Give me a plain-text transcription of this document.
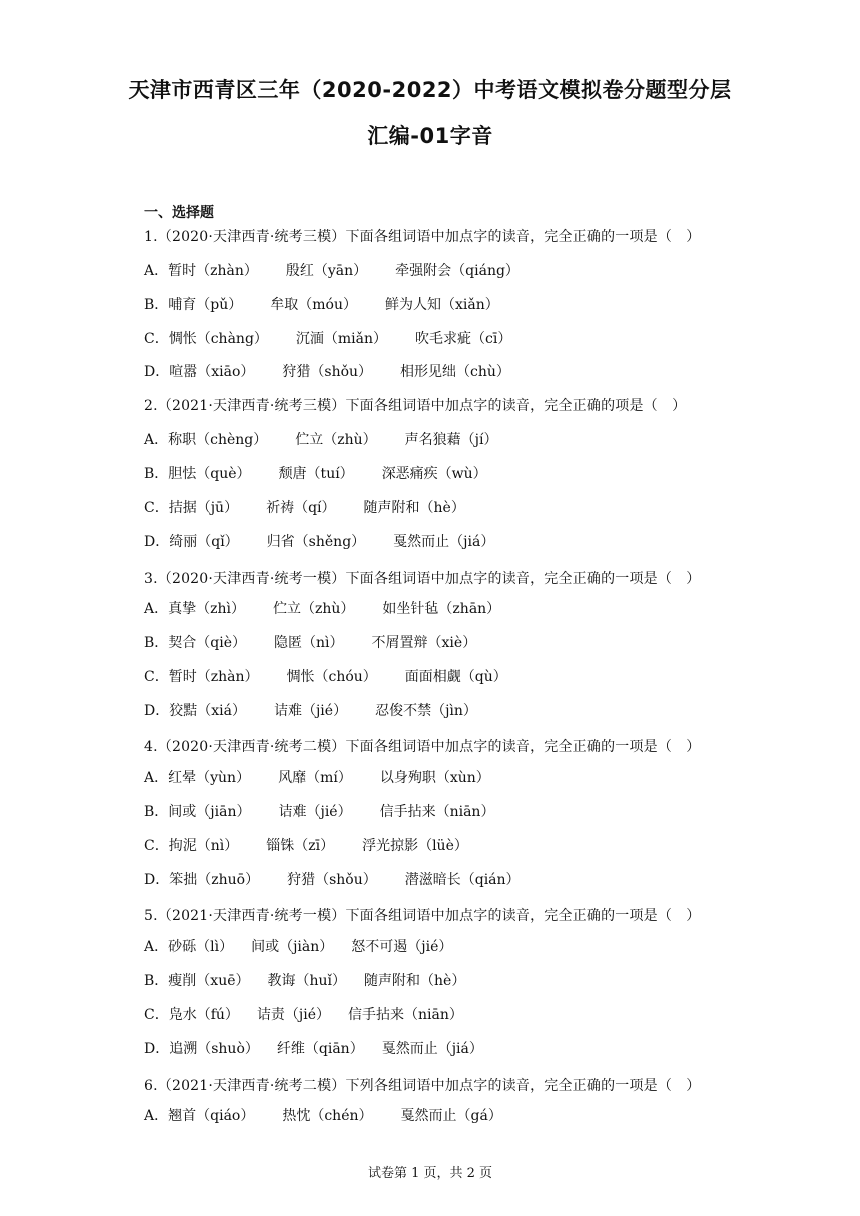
天津市西青区三年（2020-2022）中考语文模拟卷分题型分层
汇编-01字音
一、选择题
1.（2020·天津西青·统考三模）下面各组词语中加点字的读音，完全正确的一项是（　）
A．暂时（zhàn） 殷红（yān） 牵强附会（qiáng）
B．哺育（pǔ） 牟取（móu） 鲜为人知（xiǎn）
C．惆怅（chàng） 沉湎（miǎn） 吹毛求疵（cī）
D．喧嚣（xiāo） 狩猎（shǒu） 相形见绌（chù）
2.（2021·天津西青·统考三模）下面各组词语中加点字的读音，完全正确的项是（　）
A．称职（chèng） 伫立（zhù） 声名狼藉（jí）
B．胆怯（què） 颓唐（tuí） 深恶痛疾（wù）
C．拮据（jū） 祈祷（qí） 随声附和（hè）
D．绮丽（qǐ） 归省（shěng） 戛然而止（jiá）
3.（2020·天津西青·统考一模）下面各组词语中加点字的读音，完全正确的一项是（　）
A．真挚（zhì） 伫立（zhù） 如坐针毡（zhān）
B．契合（qiè） 隐匿（nì） 不屑置辩（xiè）
C．暂时（zhàn） 惆怅（chóu） 面面相觑（qù）
D．狡黠（xiá） 诘难（jié） 忍俊不禁（jìn）
4.（2020·天津西青·统考二模）下面各组词语中加点字的读音，完全正确的一项是（　）
A．红晕（yùn） 风靡（mí） 以身殉职（xùn）
B．间或（jiān） 诘难（jié） 信手拈来（niān）
C．拘泥（nì） 锱铢（zī） 浮光掠影（lüè）
D．笨拙（zhuō） 狩猎（shǒu） 潜滋暗长（qián）
5.（2021·天津西青·统考一模）下面各组词语中加点字的读音，完全正确的一项是（　）
A．砂砾（lì） 间或（jiàn） 怒不可遏（jié）
B．瘦削（xuē） 教诲（huǐ） 随声附和（hè）
C．凫水（fú） 诘责（jié） 信手拈来（niān）
D．追溯（shuò） 纤维（qiān） 戛然而止（jiá）
6.（2021·天津西青·统考二模）下列各组词语中加点字的读音，完全正确的一项是（　）
A．翘首（qiáo） 热忱（chén） 戛然而止（gá）
试卷第 1 页，共 2 页
